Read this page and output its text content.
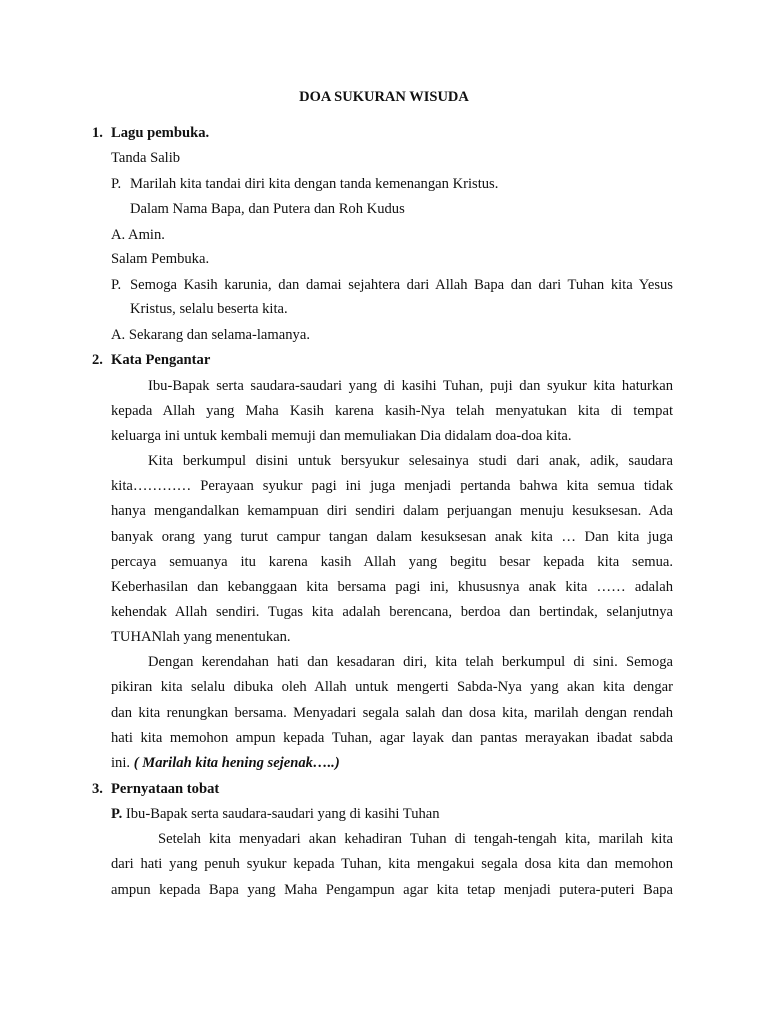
DOA SUKURAN WISUDA
1. Lagu pembuka.
Tanda Salib
P. Marilah kita tandai diri kita dengan tanda kemenangan Kristus.
Dalam Nama Bapa, dan Putera dan Roh Kudus
A. Amin.
Salam Pembuka.
P. Semoga Kasih karunia, dan damai sejahtera dari Allah Bapa dan dari Tuhan kita Yesus
Kristus, selalu beserta kita.
A. Sekarang dan selama-lamanya.
2. Kata Pengantar
Ibu-Bapak serta saudara-saudari yang di kasihi Tuhan, puji dan syukur kita haturkan
kepada Allah yang Maha Kasih karena kasih-Nya telah menyatukan kita di tempat
keluarga ini untuk kembali memuji dan memuliakan Dia didalam doa-doa kita.
Kita berkumpul disini untuk bersyukur selesainya studi dari anak, adik, saudara
kita………… Perayaan syukur pagi ini juga menjadi pertanda bahwa kita semua tidak
hanya mengandalkan kemampuan diri sendiri dalam perjuangan menuju kesuksesan. Ada
banyak orang yang turut campur tangan dalam kesuksesan anak kita … Dan kita juga
percaya semuanya itu karena kasih Allah yang begitu besar kepada kita semua.
Keberhasilan dan kebanggaan kita bersama pagi ini, khususnya anak kita …… adalah
kehendak Allah sendiri. Tugas kita adalah berencana, berdoa dan bertindak, selanjutnya
TUHANlah yang menentukan.
Dengan kerendahan hati dan kesadaran diri, kita telah berkumpul di sini. Semoga
pikiran kita selalu dibuka oleh Allah untuk mengerti Sabda-Nya yang akan kita dengar
dan kita renungkan bersama. Menyadari segala salah dan dosa kita, marilah dengan rendah
hati kita memohon ampun kepada Tuhan, agar layak dan pantas merayakan ibadat sabda
ini. ( Marilah kita hening sejenak…..)
3. Pernyataan tobat
P. Ibu-Bapak serta saudara-saudari yang di kasihi Tuhan
Setelah kita menyadari akan kehadiran Tuhan di tengah-tengah kita, marilah kita
dari hati yang penuh syukur kepada Tuhan, kita mengakui segala dosa kita dan memohon
ampun kepada Bapa yang Maha Pengampun agar kita tetap menjadi putera-puteri Bapa
